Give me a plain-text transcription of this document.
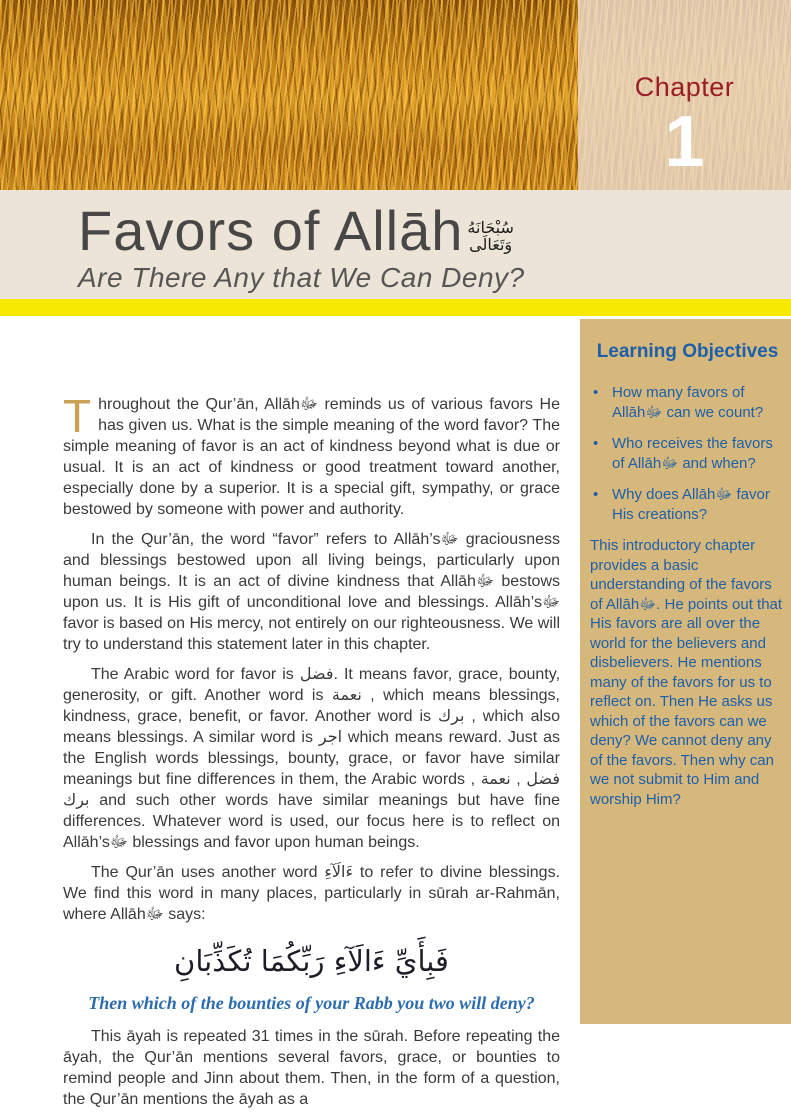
Chapter
1
Favors of Allāh سُبْحَانَهُ
وَتَعَالَى
Are There Any that We Can Deny?

Throughout the Qur’ān, Allāhﷻ reminds us of various favors He has given us. What is the simple meaning of the word favor? The simple meaning of favor is an act of kindness beyond what is due or usual. It is an act of kindness or good treatment toward another, especially done by a superior. It is a special gift, sympathy, or grace bestowed by someone with power and authority.

In the Qur’ān, the word “favor” refers to Allāh’sﷻ graciousness and blessings bestowed upon all living beings, particularly upon human beings. It is an act of divine kindness that Allāhﷻ bestows upon us. It is His gift of unconditional love and blessings. Allāh’sﷻ favor is based on His mercy, not entirely on our righteousness. We will try to understand this statement later in this chapter.

The Arabic word for favor is فضل. It means favor, grace, bounty, generosity, or gift. Another word is نعمة , which means blessings, kindness, grace, benefit, or favor. Another word is برك , which also means blessings. A similar word is اجر which means reward. Just as the English words blessings, bounty, grace, or favor have similar meanings but fine differences in them, the Arabic words فضل , نعمة , برك and such other words have similar meanings but have fine differences. Whatever word is used, our focus here is to reflect on Allāh’sﷻ blessings and favor upon human beings.

The Qur’ān uses another word ءَالَآءِ to refer to divine blessings. We find this word in many places, particularly in sūrah ar-Rahmān, where Allāhﷻ says:

فَبِأَيِّ ءَالَآءِ رَبِّكُمَا تُكَذِّبَانِ
Then which of the bounties of your Rabb you two will deny?

This āyah is repeated 31 times in the sūrah. Before repeating the āyah, the Qur’ān mentions several favors, grace, or bounties to remind people and Jinn about them. Then, in the form of a question, the Qur’ān mentions the āyah as a

Learning Objectives
• How many favors of Allāhﷻ can we count?
• Who receives the favors of Allāhﷻ and when?
• Why does Allāhﷻ favor His creations?

This introductory chapter provides a basic understanding of the favors of Allāhﷻ. He points out that His favors are all over the world for the believers and disbelievers. He mentions many of the favors for us to reflect on. Then He asks us which of the favors can we deny? We cannot deny any of the favors. Then why can we not submit to Him and worship Him?
